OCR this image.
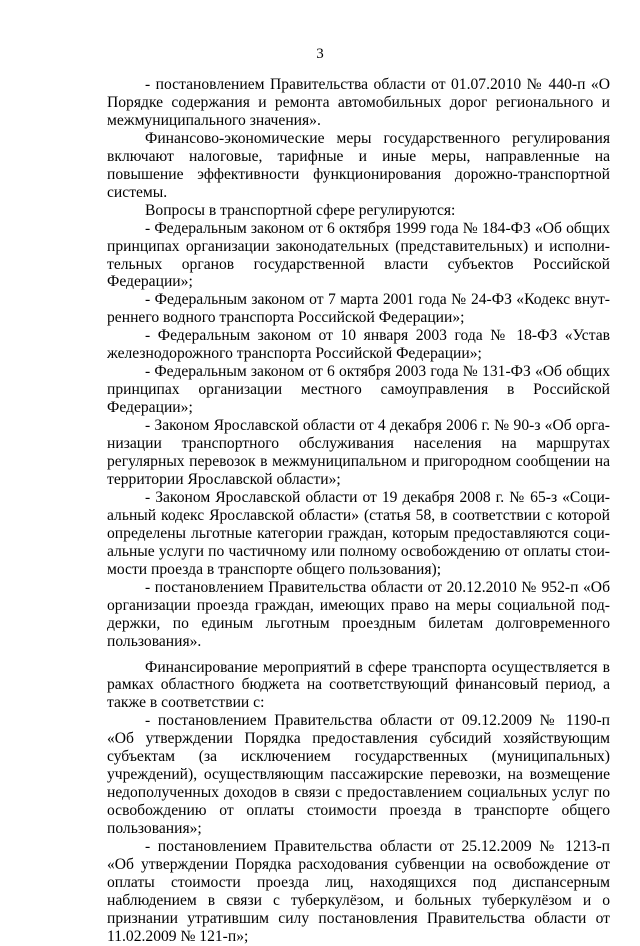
3

- постановлением Правительства области от 01.07.2010 № 440-п «О Порядке содержания и ремонта автомобильных дорог регионального и межмуниципального значения».

Финансово-экономические меры государственного регулирования включают налоговые, тарифные и иные меры, направленные на повышение эффективности функционирования дорожно-транспортной системы.

Вопросы в транспортной сфере регулируются:

- Федеральным законом от 6 октября 1999 года № 184-ФЗ «Об общих принципах организации законодательных (представительных) и исполнительных органов государственной власти субъектов Российской Федерации»;

- Федеральным законом от 7 марта 2001 года № 24-ФЗ «Кодекс внутреннего водного транспорта Российской Федерации»;

- Федеральным законом от 10 января 2003 года № 18-ФЗ «Устав железнодорожного транспорта Российской Федерации»;

- Федеральным законом от 6 октября 2003 года № 131-ФЗ «Об общих принципах организации местного самоуправления в Российской Федерации»;

- Законом Ярославской области от 4 декабря 2006 г. № 90-з «Об организации транспортного обслуживания населения на маршрутах регулярных перевозок в межмуниципальном и пригородном сообщении на территории Ярославской области»;

- Законом Ярославской области от 19 декабря 2008 г. № 65-з «Социальный кодекс Ярославской области» (статья 58, в соответствии с которой определены льготные категории граждан, которым предоставляются социальные услуги по частичному или полному освобождению от оплаты стоимости проезда в транспорте общего пользования);

- постановлением Правительства области от 20.12.2010 № 952-п «Об организации проезда граждан, имеющих право на меры социальной поддержки, по единым льготным проездным билетам долговременного пользования».

Финансирование мероприятий в сфере транспорта осуществляется в рамках областного бюджета на соответствующий финансовый период, а также в соответствии с:

- постановлением Правительства области от 09.12.2009 № 1190-п «Об утверждении Порядка предоставления субсидий хозяйствующим субъектам (за исключением государственных (муниципальных) учреждений), осуществляющим пассажирские перевозки, на возмещение недополученных доходов в связи с предоставлением социальных услуг по освобождению от оплаты стоимости проезда в транспорте общего пользования»;

- постановлением Правительства области от 25.12.2009 № 1213-п «Об утверждении Порядка расходования субвенции на освобождение от оплаты стоимости проезда лиц, находящихся под диспансерным наблюдением в связи с туберкулёзом, и больных туберкулёзом и о признании утратившим силу постановления Правительства области от 11.02.2009 № 121-п»;
